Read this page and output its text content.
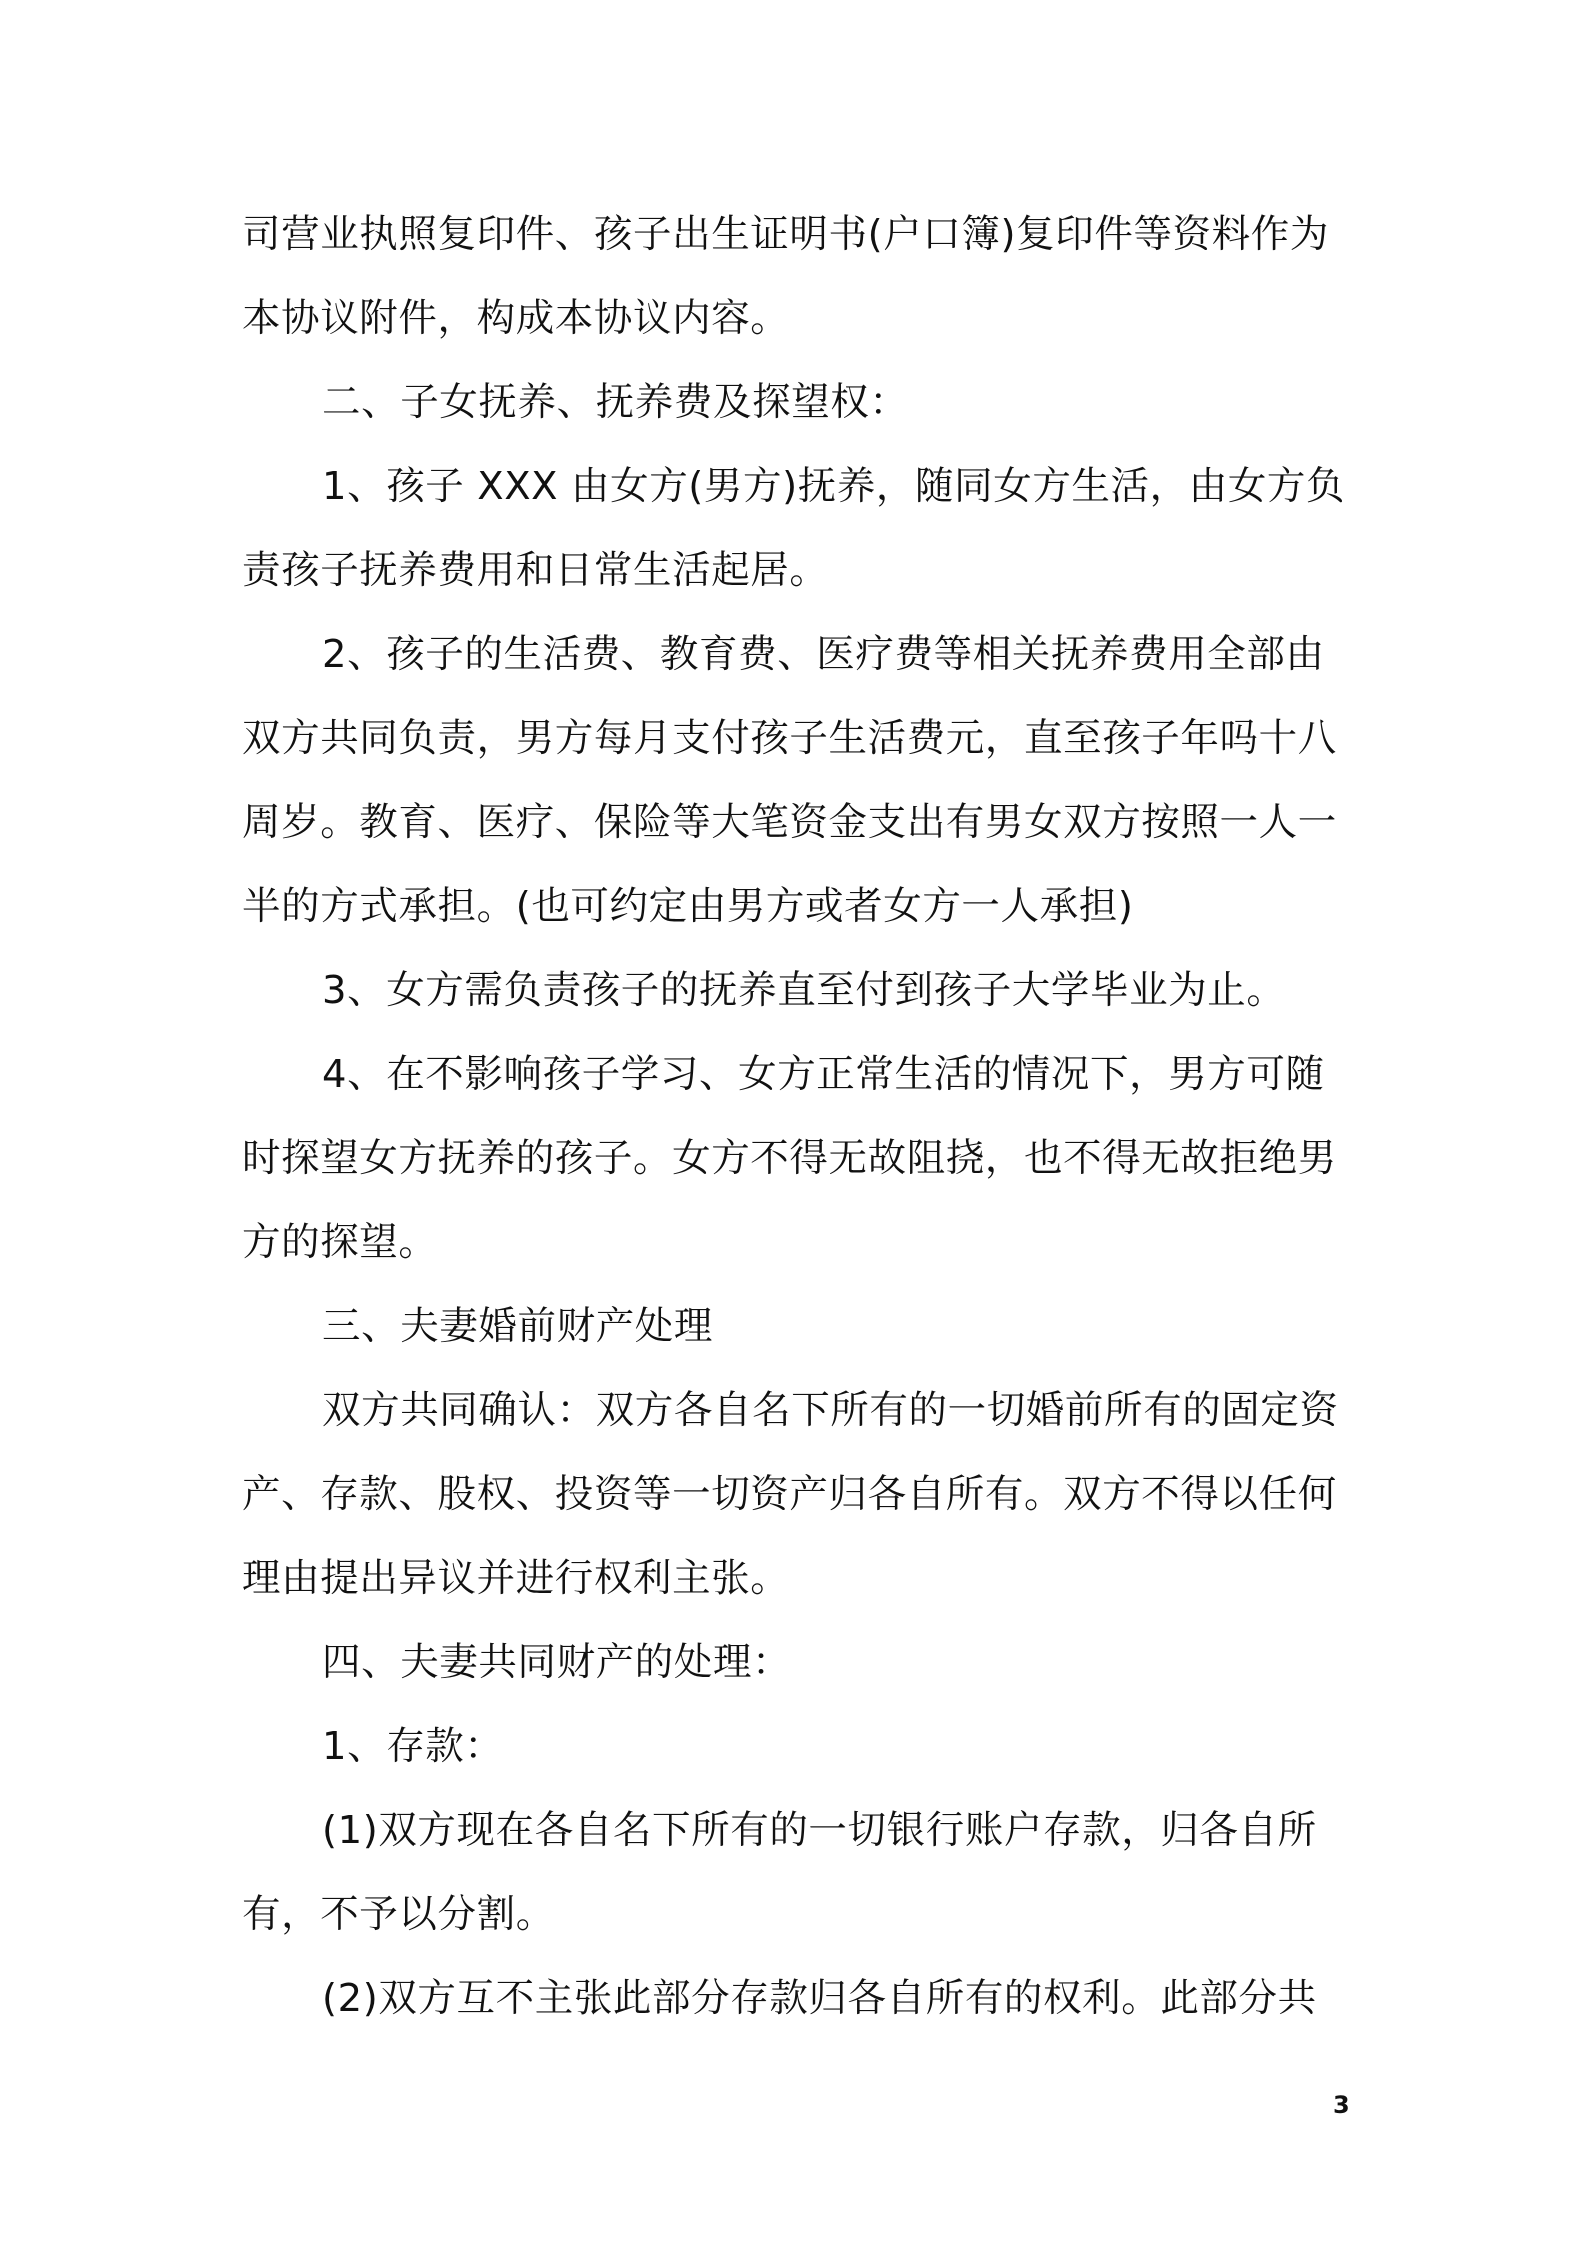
司营业执照复印件、孩子出生证明书(户口簿)复印件等资料作为
本协议附件，构成本协议内容。
二、子女抚养、抚养费及探望权：
1、孩子 XXX 由女方(男方)抚养，随同女方生活，由女方负
责孩子抚养费用和日常生活起居。
2、孩子的生活费、教育费、医疗费等相关抚养费用全部由
双方共同负责，男方每月支付孩子生活费元，直至孩子年吗十八
周岁。教育、医疗、保险等大笔资金支出有男女双方按照一人一
半的方式承担。(也可约定由男方或者女方一人承担)
3、女方需负责孩子的抚养直至付到孩子大学毕业为止。
4、在不影响孩子学习、女方正常生活的情况下，男方可随
时探望女方抚养的孩子。女方不得无故阻挠，也不得无故拒绝男
方的探望。
三、夫妻婚前财产处理
双方共同确认：双方各自名下所有的一切婚前所有的固定资
产、存款、股权、投资等一切资产归各自所有。双方不得以任何
理由提出异议并进行权利主张。
四、夫妻共同财产的处理：
1、存款：
(1)双方现在各自名下所有的一切银行账户存款，归各自所
有，不予以分割。
(2)双方互不主张此部分存款归各自所有的权利。此部分共
3
